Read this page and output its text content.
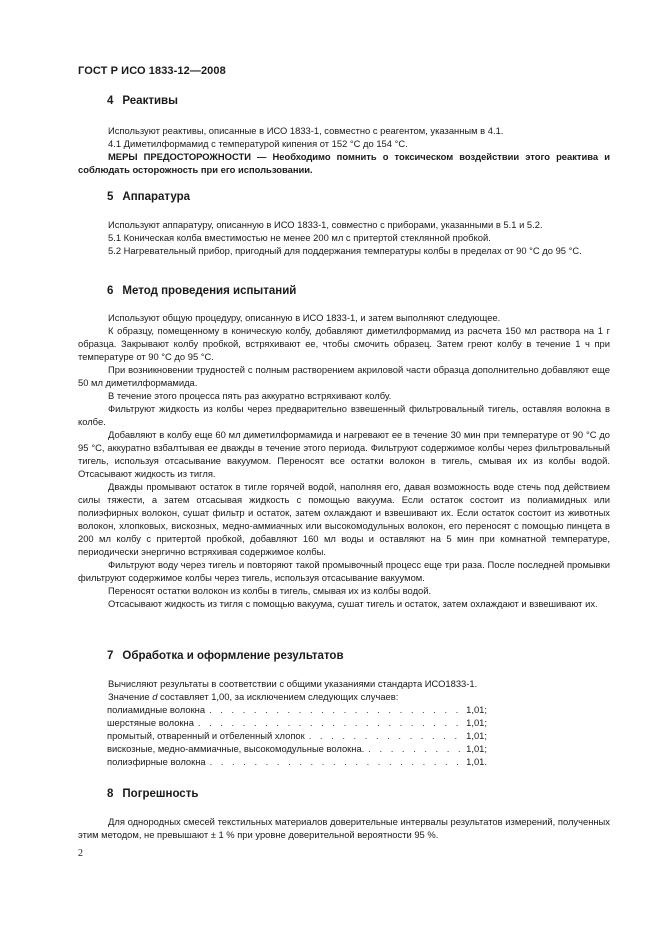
ГОСТ Р ИСО 1833-12—2008
4 Реактивы

Используют реактивы, описанные в ИСО 1833-1, совместно с реагентом, указанным в 4.1.

4.1 Диметилформамид с температурой кипения от 152 °С до 154 °С.

МЕРЫ ПРЕДОСТОРОЖНОСТИ — Необходимо помнить о токсическом воздействии этого реактива и соблюдать осторожность при его использовании.

5 Аппаратура

Используют аппаратуру, описанную в ИСО 1833-1, совместно с приборами, указанными в 5.1 и 5.2.

5.1 Коническая колба вместимостью не менее 200 мл с притертой стеклянной пробкой.

5.2 Нагревательный прибор, пригодный для поддержания температуры колбы в пределах от 90 °С до 95 °С.

6 Метод проведения испытаний

Используют общую процедуру, описанную в ИСО 1833-1, и затем выполняют следующее.

К образцу, помещенному в коническую колбу, добавляют диметилформамид из расчета 150 мл раствора на 1 г образца. Закрывают колбу пробкой, встряхивают ее, чтобы смочить образец. Затем греют колбу в течение 1 ч при температуре от 90 °С до 95 °С.

При возникновении трудностей с полным растворением акриловой части образца дополнительно добавляют еще 50 мл диметилформамида.

В течение этого процесса пять раз аккуратно встряхивают колбу.

Фильтруют жидкость из колбы через предварительно взвешенный фильтровальный тигель, оставляя волокна в колбе.

Добавляют в колбу еще 60 мл диметилформамида и нагревают ее в течение 30 мин при температуре от 90 °С до 95 °С, аккуратно взбалтывая ее дважды в течение этого периода. Фильтруют содержимое колбы через фильтровальный тигель, используя отсасывание вакуумом. Переносят все остатки волокон в тигель, смывая их из колбы водой. Отсасывают жидкость из тигля.

Дважды промывают остаток в тигле горячей водой, наполняя его, давая возможность воде стечь под действием силы тяжести, а затем отсасывая жидкость с помощью вакуума. Если остаток состоит из полиамидных или полиэфирных волокон, сушат фильтр и остаток, затем охлаждают и взвешивают их. Если остаток состоит из животных волокон, хлопковых, вискозных, медно-аммиачных или высокомодульных волокон, его переносят с помощью пинцета в 200 мл колбу с притертой пробкой, добавляют 160 мл воды и оставляют на 5 мин при комнатной температуре, периодически энергично встряхивая содержимое колбы.

Фильтруют воду через тигель и повторяют такой промывочный процесс еще три раза. После последней промывки фильтруют содержимое колбы через тигель, используя отсасывание вакуумом.

Переносят остатки волокон из колбы в тигель, смывая их из колбы водой.

Отсасывают жидкость из тигля с помощью вакуума, сушат тигель и остаток, затем охлаждают и взвешивают их.

7 Обработка и оформление результатов

Вычисляют результаты в соответствии с общими указаниями стандарта ИСО1833-1.

Значение d составляет 1,00, за исключением следующих случаев:

полиамидные волокна . . .	1,01;
шерстяные волокна . . .	1,01;
промытый, отваренный и отбеленный хлопок . . .	1,01;
вискозные, медно-аммиачные, высокомодульные волокна. . . .	1,01;
полиэфирные волокна . . .	1,01.
8 Погрешность

Для однородных смесей текстильных материалов доверительные интервалы результатов измерений, полученных этим методом, не превышают ± 1 % при уровне доверительной вероятности 95 %.

2
